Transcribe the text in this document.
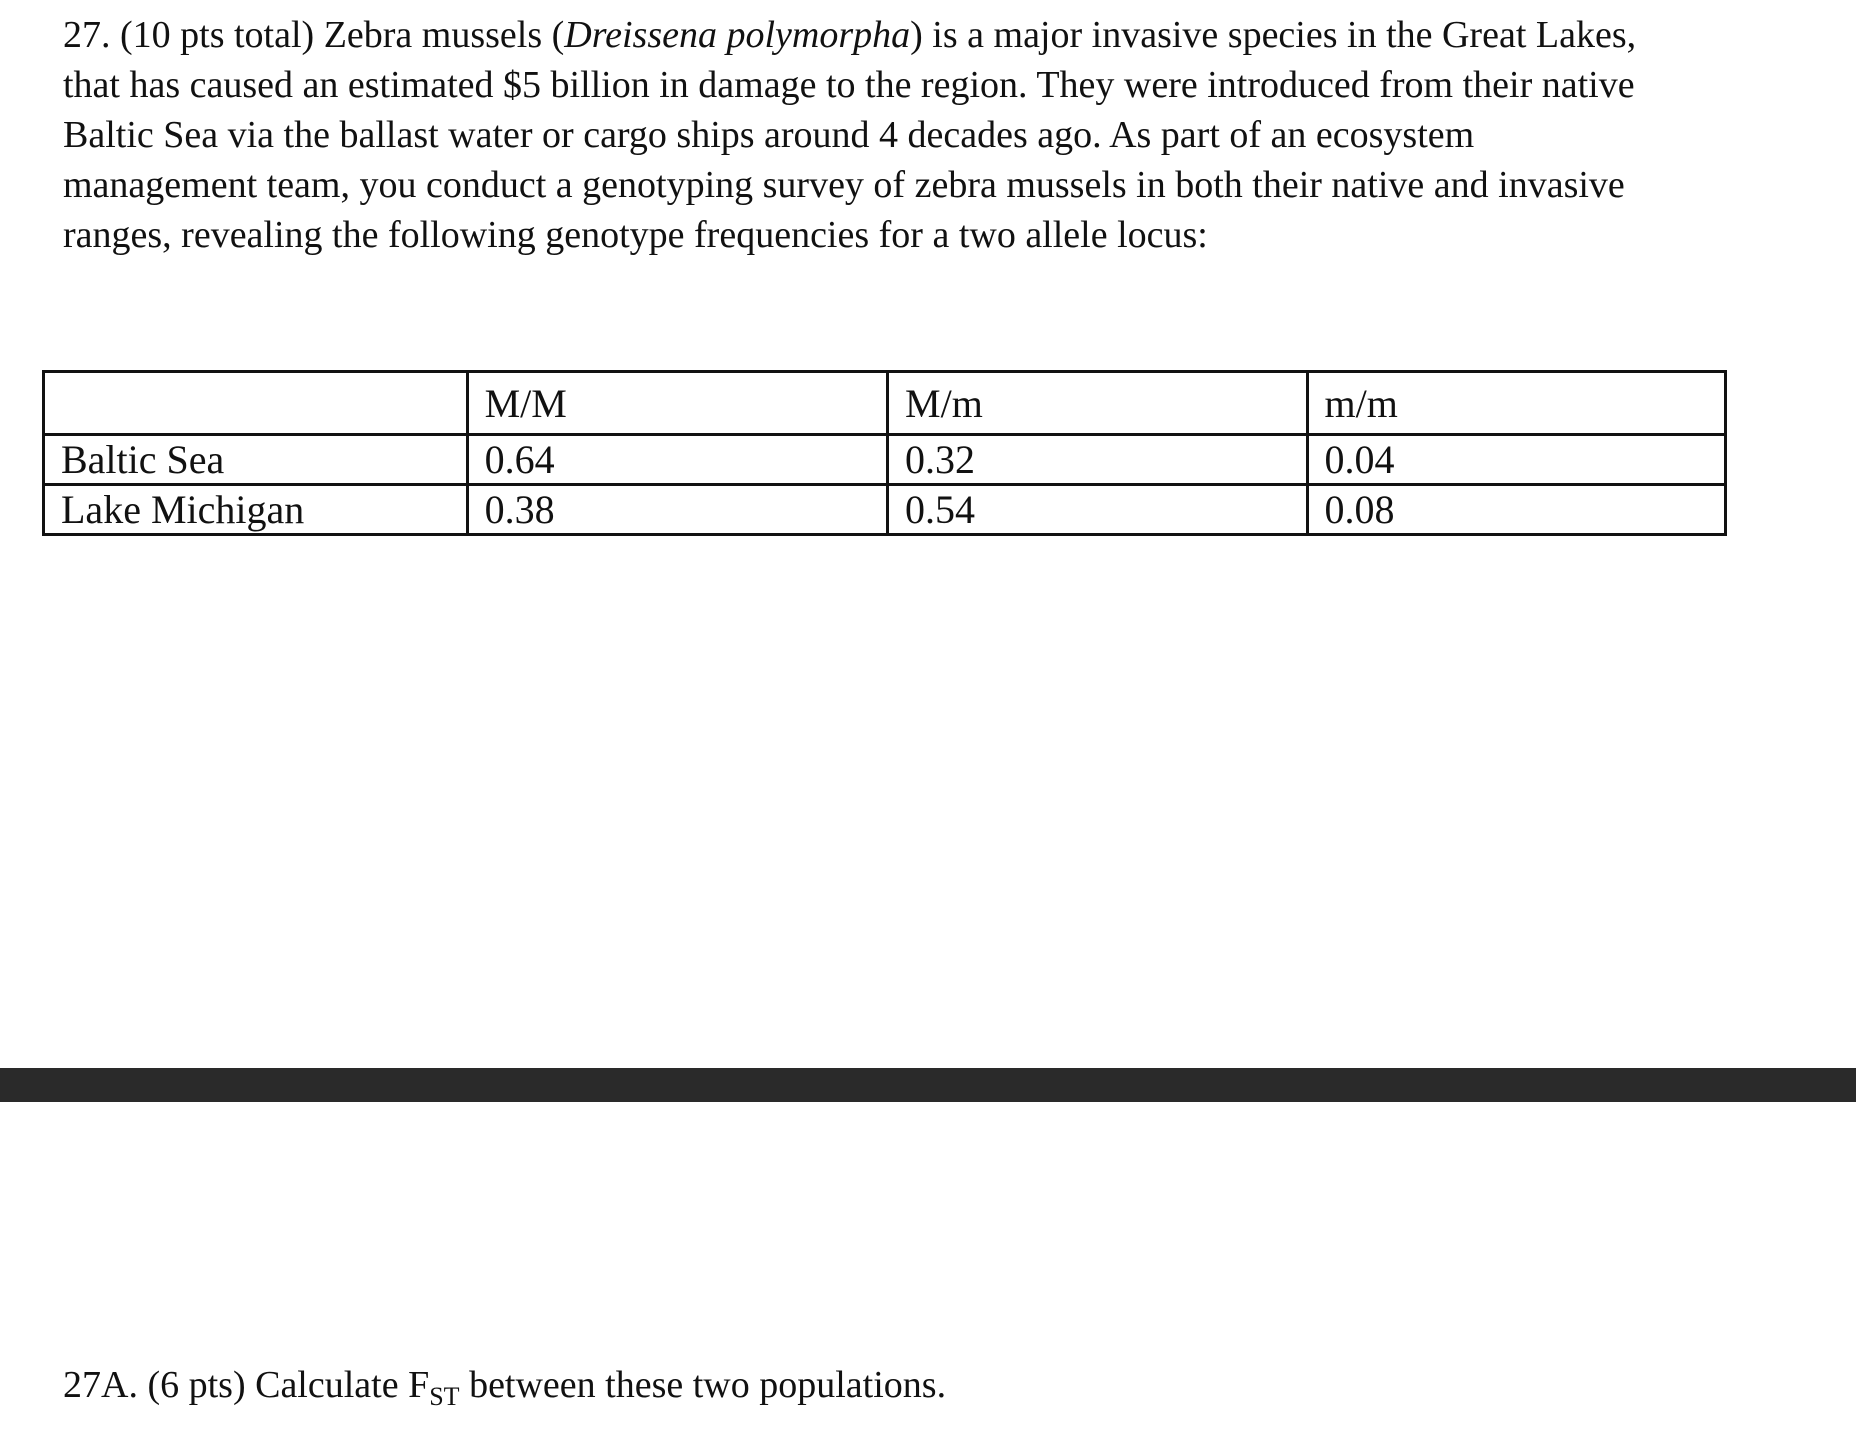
27. (10 pts total) Zebra mussels (Dreissena polymorpha) is a major invasive species in the Great Lakes,
that has caused an estimated $5 billion in damage to the region. They were introduced from their native
Baltic Sea via the ballast water or cargo ships around 4 decades ago. As part of an ecosystem
management team, you conduct a genotyping survey of zebra mussels in both their native and invasive
ranges, revealing the following genotype frequencies for a two allele locus:
	M/M	M/m	m/m
Baltic Sea	0.64	0.32	0.04
Lake Michigan	0.38	0.54	0.08

27A. (6 pts) Calculate $F_{ST}$ between these two populations.
